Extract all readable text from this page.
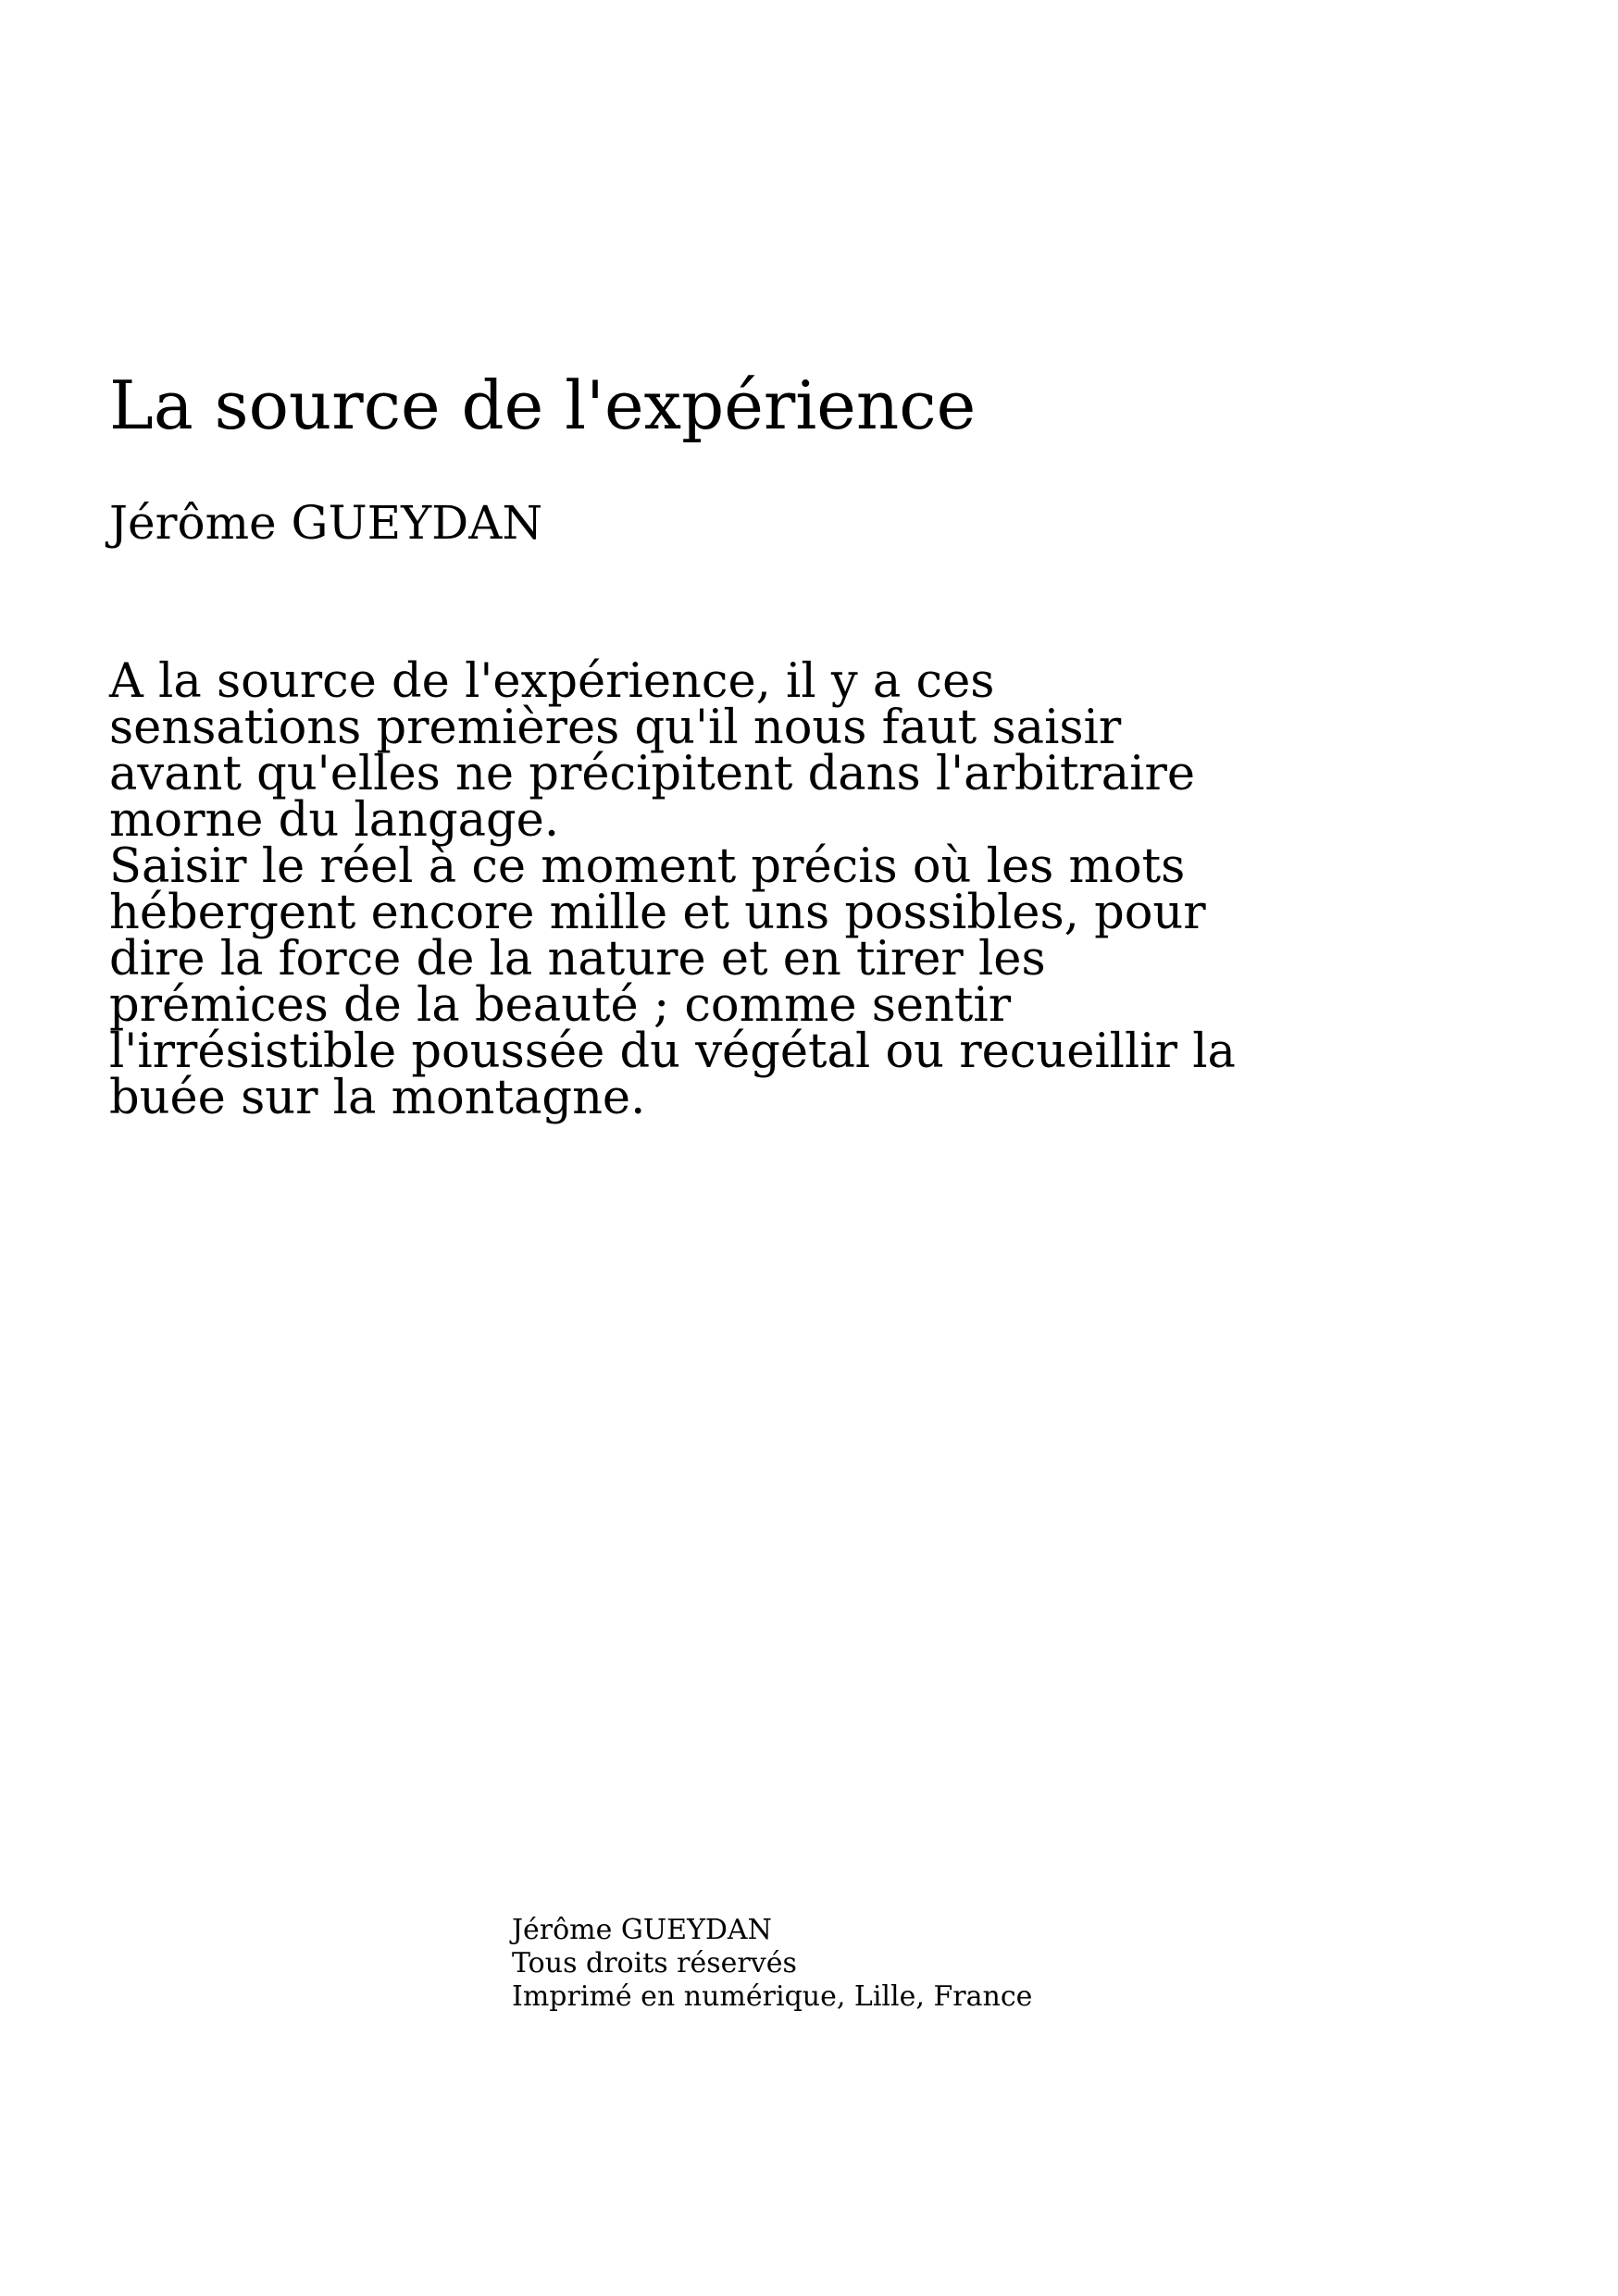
La source de l'expérience
Jérôme GUEYDAN

A la source de l'expérience, il y a ces
sensations premières qu'il nous faut saisir
avant qu'elles ne précipitent dans l'arbitraire
morne du langage.
Saisir le réel à ce moment précis où les mots
hébergent encore mille et uns possibles, pour
dire la force de la nature et en tirer les
prémices de la beauté ; comme sentir
l'irrésistible poussée du végétal ou recueillir la
buée sur la montagne.

Jérôme GUEYDAN
Tous droits réservés
Imprimé en numérique, Lille, France
